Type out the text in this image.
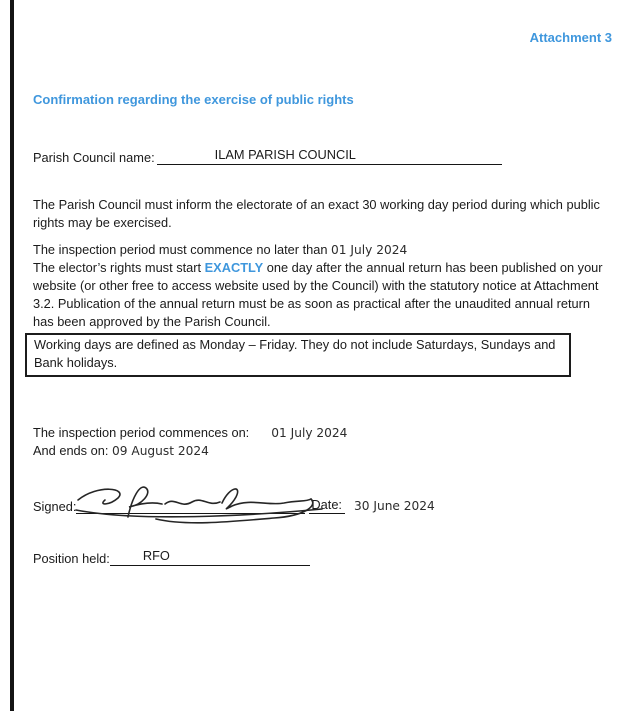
Attachment 3
Confirmation regarding the exercise of public rights
Parish Council name:	ILAM PARISH COUNCIL
The Parish Council must inform the electorate of an exact 30 working day period during which public rights may be exercised.
The inspection period must commence no later than 01 July 2024
The elector’s rights must start EXACTLY one day after the annual return has been published on your website (or other free to access website used by the Council) with the statutory notice at Attachment 3.2. Publication of the annual return must be as soon as practical after the unaudited annual return has been approved by the Parish Council.
Working days are defined as Monday – Friday. They do not include Saturdays, Sundays and Bank holidays.
The inspection period commences on: 01 July 2024
And ends on: 09 August 2024
Signed:	Date: 30 June 2024
Position held:	RFO
